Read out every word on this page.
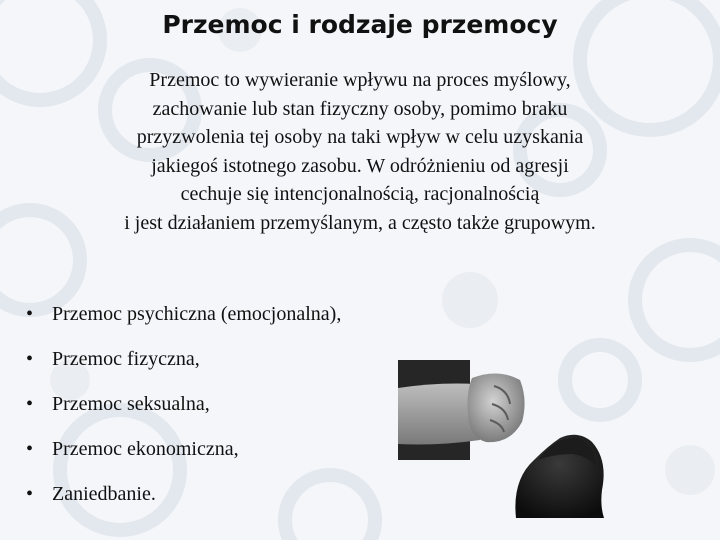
Przemoc i rodzaje przemocy
Przemoc to wywieranie wpływu na proces myślowy,
zachowanie lub stan fizyczny osoby, pomimo braku
przyzwolenia tej osoby na taki wpływ w celu uzyskania
jakiegoś istotnego zasobu. W odróżnieniu od agresji
cechuje się intencjonalnością, racjonalnością
i jest działaniem przemyślanym, a często także grupowym.
• Przemoc psychiczna (emocjonalna),
• Przemoc fizyczna,
• Przemoc seksualna,
• Przemoc ekonomiczna,
• Zaniedbanie.
